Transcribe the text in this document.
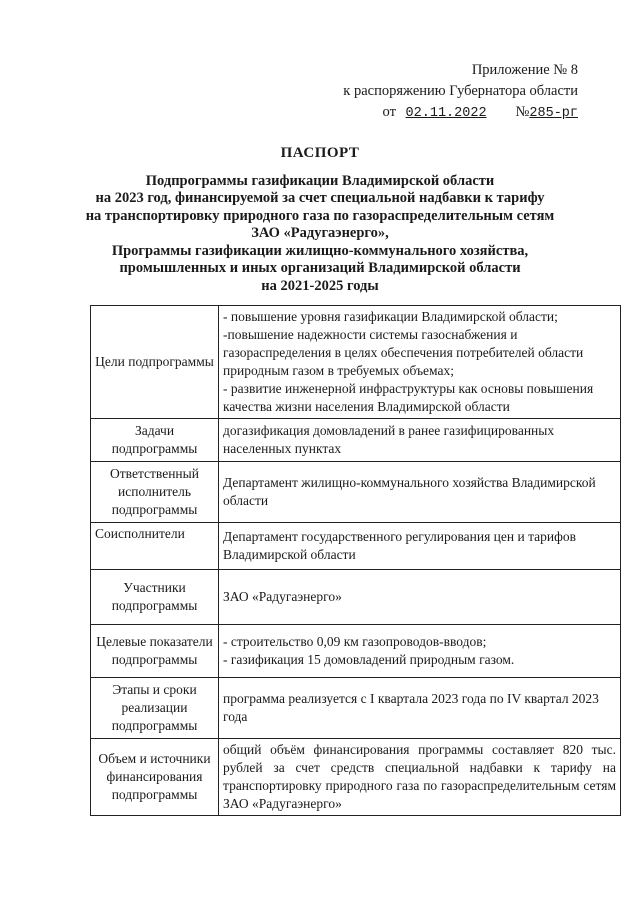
Приложение № 8
к распоряжению Губернатора области
от 02.11.2022 №285-рг
ПАСПОРТ
Подпрограммы газификации Владимирской области
на 2023 год, финансируемой за счет специальной надбавки к тарифу
на транспортировку природного газа по газораспределительным сетям
ЗАО «Радугаэнерго»,
Программы газификации жилищно-коммунального хозяйства,
промышленных и иных организаций Владимирской области
на 2021-2025 годы
Цели подпрограммы	- повышение уровня газификации Владимирской области;
-повышение надежности системы газоснабжения и газораспределения в целях обеспечения потребителей области природным газом в требуемых объемах;
- развитие инженерной инфраструктуры как основы повышения качества жизни населения Владимирской области

Задачи подпрограммы	догазификация домовладений в ранее газифицированных населенных пунктах
Ответственный исполнитель подпрограммы	Департамент жилищно-коммунального хозяйства Владимирской области
Соисполнители	Департамент государственного регулирования цен и тарифов Владимирской области
Участники подпрограммы	ЗАО «Радугаэнерго»
Целевые показатели подпрограммы	- строительство 0,09 км газопроводов-вводов;
- газификация 15 домовладений природным газом.

Этапы и сроки реализации подпрограммы	программа реализуется с I квартала 2023 года по IV квартал 2023 года
Объем и источники финансирования подпрограммы	общий объём финансирования программы составляет 820 тыс. рублей за счет средств специальной надбавки к тарифу на транспортировку природного газа по газораспределительным сетям ЗАО «Радугаэнерго»
